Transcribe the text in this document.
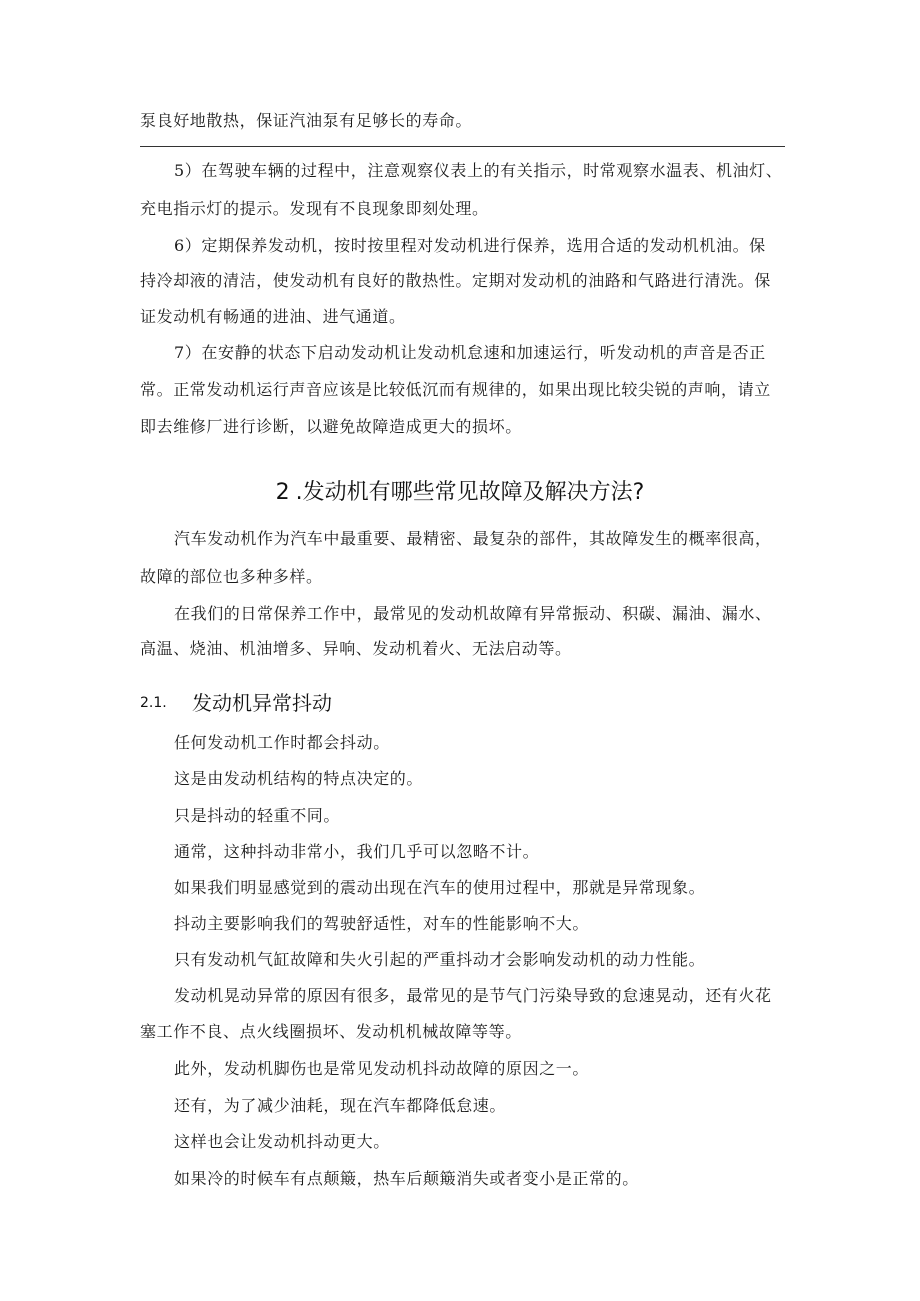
泵良好地散热，保证汽油泵有足够长的寿命。
5）在驾驶车辆的过程中，注意观察仪表上的有关指示，时常观察水温表、机油灯、
充电指示灯的提示。发现有不良现象即刻处理。
6）定期保养发动机，按时按里程对发动机进行保养，选用合适的发动机机油。保
持冷却液的清洁，使发动机有良好的散热性。定期对发动机的油路和气路进行清洗。保
证发动机有畅通的进油、进气通道。
7）在安静的状态下启动发动机让发动机怠速和加速运行，听发动机的声音是否正
常。正常发动机运行声音应该是比较低沉而有规律的，如果出现比较尖锐的声响，请立
即去维修厂进行诊断，以避免故障造成更大的损坏。
2 .发动机有哪些常见故障及解决方法?
汽车发动机作为汽车中最重要、最精密、最复杂的部件，其故障发生的概率很高，
故障的部位也多种多样。
在我们的日常保养工作中，最常见的发动机故障有异常振动、积碳、漏油、漏水、
高温、烧油、机油增多、异响、发动机着火、无法启动等。
2.1. 发动机异常抖动
任何发动机工作时都会抖动。
这是由发动机结构的特点决定的。
只是抖动的轻重不同。
通常，这种抖动非常小，我们几乎可以忽略不计。
如果我们明显感觉到的震动出现在汽车的使用过程中，那就是异常现象。
抖动主要影响我们的驾驶舒适性，对车的性能影响不大。
只有发动机气缸故障和失火引起的严重抖动才会影响发动机的动力性能。
发动机晃动异常的原因有很多，最常见的是节气门污染导致的怠速晃动，还有火花
塞工作不良、点火线圈损坏、发动机机械故障等等。
此外，发动机脚伤也是常见发动机抖动故障的原因之一。
还有，为了减少油耗，现在汽车都降低怠速。
这样也会让发动机抖动更大。
如果冷的时候车有点颠簸，热车后颠簸消失或者变小是正常的。
